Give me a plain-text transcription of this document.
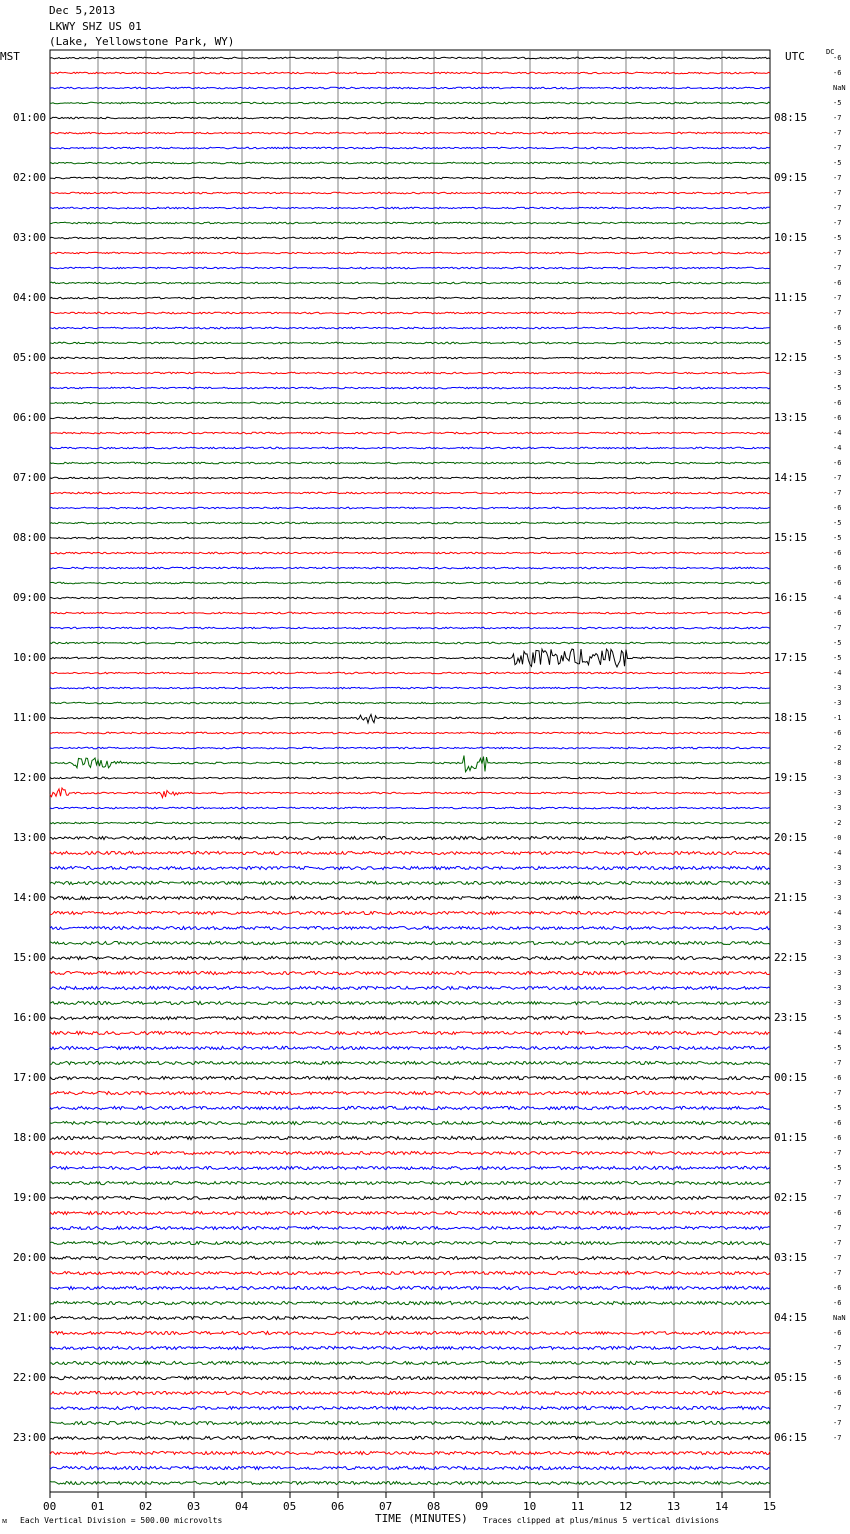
Dec 5,2013
LKWY SHZ US 01
(Lake, Yellowstone Park, WY)
MST	UTC
00	01	02	03	04	05	06	07	08	09	10	11	12	13	14	15
01:00
02:00
03:00
04:00
05:00
06:00
07:00
08:00
09:00
10:00
11:00
12:00
13:00
14:00
15:00
16:00
17:00
18:00
19:00
20:00
21:00
22:00
23:00
08:15
09:15
10:15
11:15
12:15
13:15
14:15
15:15
16:15
17:15
18:15
19:15
20:15
21:15
22:15
23:15
00:15
01:15
02:15
03:15
04:15
05:15
06:15
DC
-6
-6
NaN
-5
-7
-7
-7
-5
-7
-7
-7
-7
-5
-7
-7
-6
-7
-7
-6
-5
-5
-3
-5
-6
-6
-4
-4
-6
-7
-7
-6
-5
-5
-6
-6
-6
-4
-6
-7
-5
-5
-4
-3
-3
-1
-6
-2
-8
-3
-3
-3
-2
-0
-4
-3
-3
-3
-4
-3
-3
-3
-3
-3
-3
-5
-4
-5
-7
-6
-7
-5
-6
-6
-7
-5
-7
-7
-6
-7
-7
-7
-7
-6
-6
NaN
-6
-7
-5
-6
-6
-7
-7
-7
ᴍ Each Vertical Division = 500.00 microvolts	TIME (MINUTES) Traces clipped at plus/minus 5 vertical divisions
